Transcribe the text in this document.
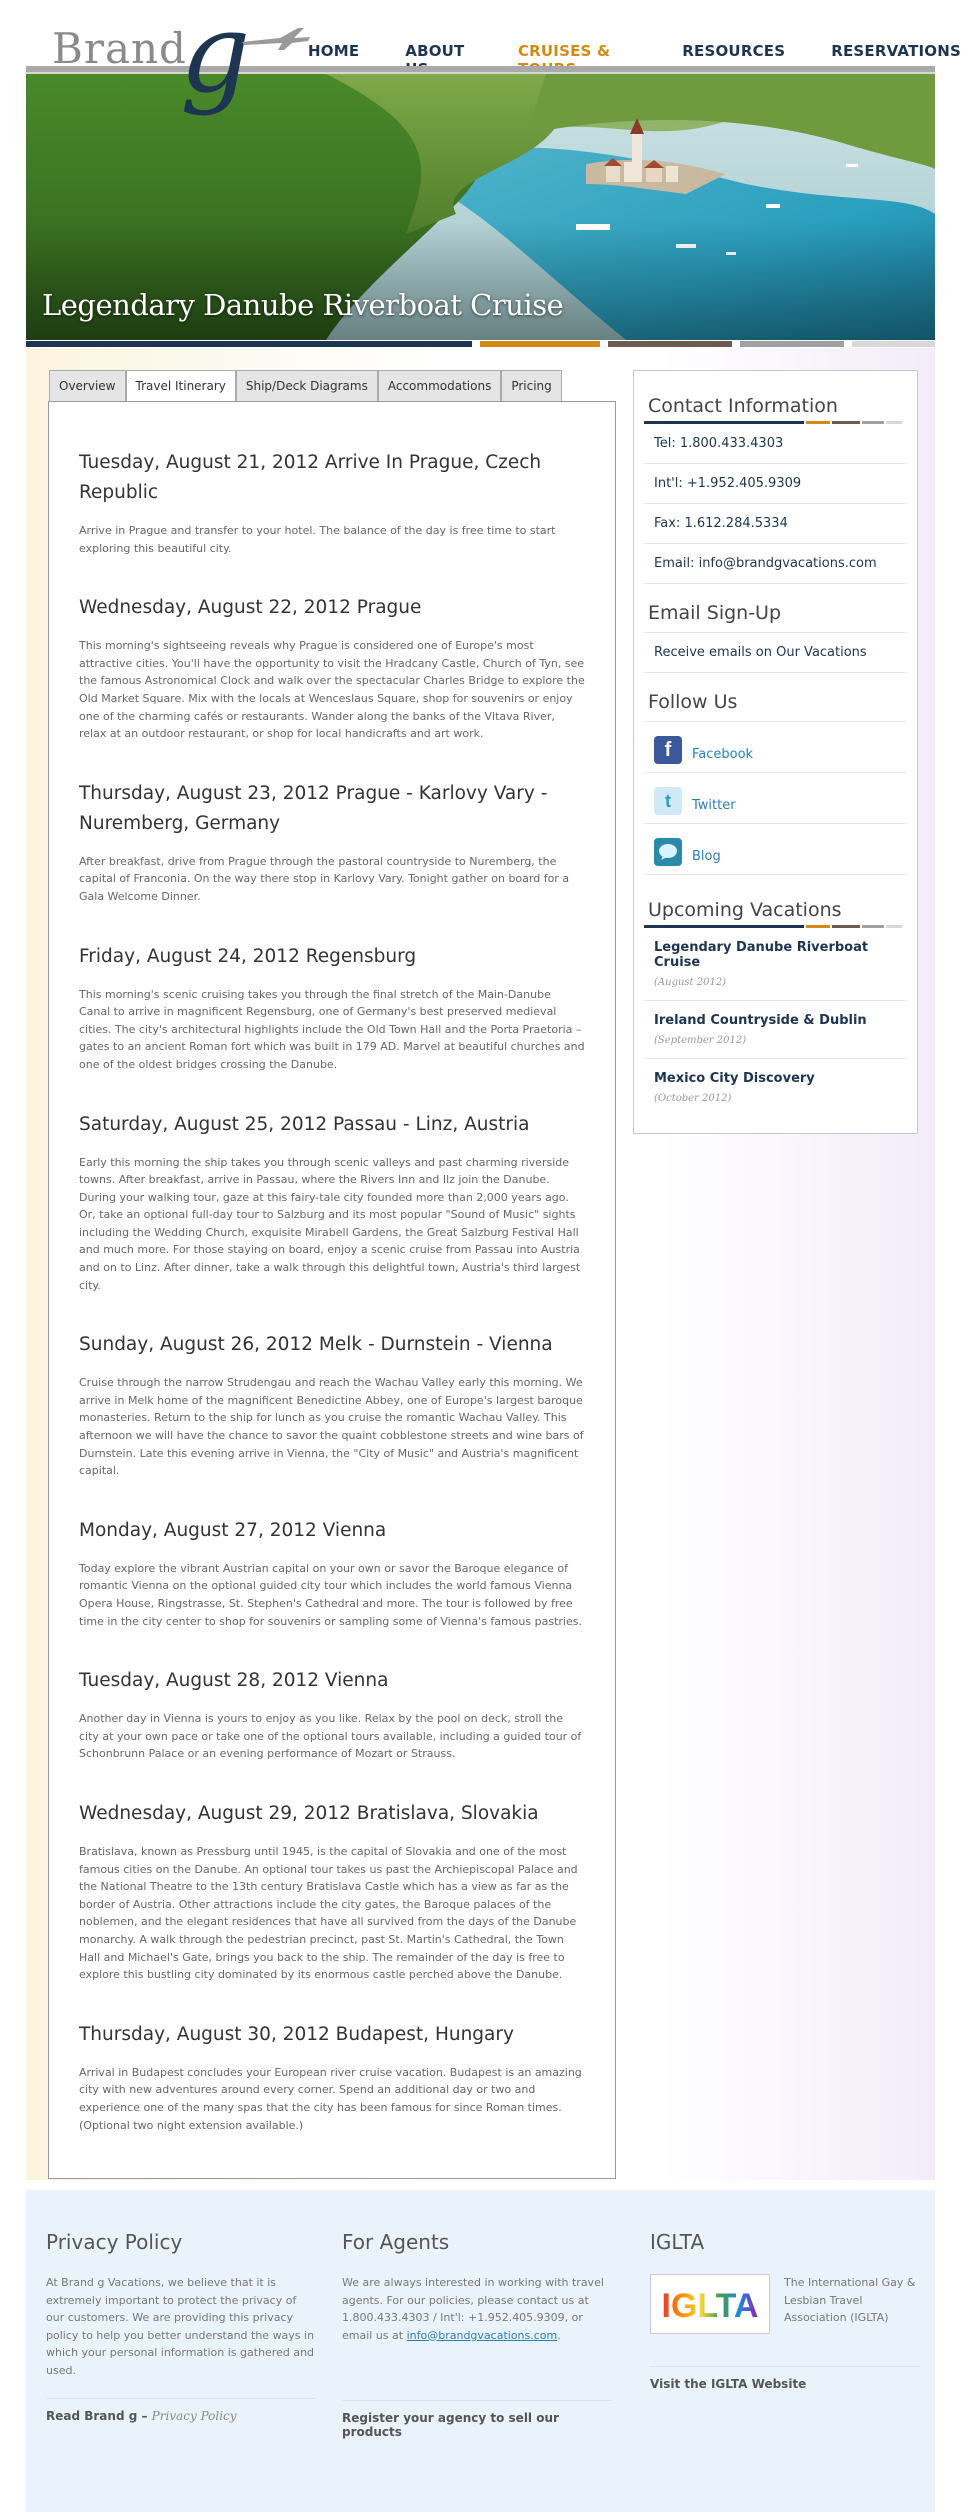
Brand
g	HOME	ABOUT	CRUISES &	RESOURCES	RESERVATIONS
Legendary Danube Riverboat Cruise
Overview	Travel Itinerary	Ship/Deck Diagrams	Accommodations	Pricing
Tuesday, August 21, 2012 Arrive In Prague, Czech Republic

Arrive in Prague and transfer to your hotel. The balance of the day is free time to start exploring this beautiful city.

Wednesday, August 22, 2012 Prague

This morning's sightseeing reveals why Prague is considered one of Europe's most attractive cities. You'll have the opportunity to visit the Hradcany Castle, Church of Tyn, see the famous Astronomical Clock and walk over the spectacular Charles Bridge to explore the Old Market Square. Mix with the locals at Wenceslaus Square, shop for souvenirs or enjoy one of the charming cafés or restaurants. Wander along the banks of the Vltava River, relax at an outdoor restaurant, or shop for local handicrafts and art work.

Thursday, August 23, 2012 Prague - Karlovy Vary - Nuremberg, Germany

After breakfast, drive from Prague through the pastoral countryside to Nuremberg, the capital of Franconia. On the way there stop in Karlovy Vary. Tonight gather on board for a Gala Welcome Dinner.

Friday, August 24, 2012 Regensburg

This morning's scenic cruising takes you through the final stretch of the Main-Danube Canal to arrive in magnificent Regensburg, one of Germany's best preserved medieval cities. The city's architectural highlights include the Old Town Hall and the Porta Praetoria – gates to an ancient Roman fort which was built in 179 AD. Marvel at beautiful churches and one of the oldest bridges crossing the Danube.

Saturday, August 25, 2012 Passau - Linz, Austria

Early this morning the ship takes you through scenic valleys and past charming riverside towns. After breakfast, arrive in Passau, where the Rivers Inn and Ilz join the Danube. During your walking tour, gaze at this fairy-tale city founded more than 2,000 years ago. Or, take an optional full-day tour to Salzburg and its most popular "Sound of Music" sights including the Wedding Church, exquisite Mirabell Gardens, the Great Salzburg Festival Hall and much more. For those staying on board, enjoy a scenic cruise from Passau into Austria and on to Linz. After dinner, take a walk through this delightful town, Austria's third largest city.

Sunday, August 26, 2012 Melk - Durnstein - Vienna

Cruise through the narrow Strudengau and reach the Wachau Valley early this morning. We arrive in Melk home of the magnificent Benedictine Abbey, one of Europe's largest baroque monasteries. Return to the ship for lunch as you cruise the romantic Wachau Valley. This afternoon we will have the chance to savor the quaint cobblestone streets and wine bars of Durnstein. Late this evening arrive in Vienna, the "City of Music" and Austria's magnificent capital.

Monday, August 27, 2012 Vienna

Today explore the vibrant Austrian capital on your own or savor the Baroque elegance of romantic Vienna on the optional guided city tour which includes the world famous Vienna Opera House, Ringstrasse, St. Stephen's Cathedral and more. The tour is followed by free time in the city center to shop for souvenirs or sampling some of Vienna's famous pastries.

Tuesday, August 28, 2012 Vienna

Another day in Vienna is yours to enjoy as you like. Relax by the pool on deck, stroll the city at your own pace or take one of the optional tours available, including a guided tour of Schonbrunn Palace or an evening performance of Mozart or Strauss.

Wednesday, August 29, 2012 Bratislava, Slovakia

Bratislava, known as Pressburg until 1945, is the capital of Slovakia and one of the most famous cities on the Danube. An optional tour takes us past the Archiepiscopal Palace and the National Theatre to the 13th century Bratislava Castle which has a view as far as the border of Austria. Other attractions include the city gates, the Baroque palaces of the noblemen, and the elegant residences that have all survived from the days of the Danube monarchy. A walk through the pedestrian precinct, past St. Martin's Cathedral, the Town Hall and Michael's Gate, brings you back to the ship. The remainder of the day is free to explore this bustling city dominated by its enormous castle perched above the Danube.

Thursday, August 30, 2012 Budapest, Hungary

Arrival in Budapest concludes your European river cruise vacation. Budapest is an amazing city with new adventures around every corner. Spend an additional day or two and experience one of the many spas that the city has been famous for since Roman times. (Optional two night extension available.)

Contact Information
Tel: 1.800.433.4303
Int'l: +1.952.405.9309
Fax: 1.612.284.5334
Email: info@brandgvacations.com
Email Sign-Up
Receive emails on Our Vacations
Follow Us
f	Facebook
t	Twitter
Blog
Upcoming Vacations
Legendary Danube Riverboat Cruise
(August 2012)
Ireland Countryside & Dublin
(September 2012)
Mexico City Discovery
(October 2012)
Privacy Policy

At Brand g Vacations, we believe that it is extremely important to protect the privacy of our customers. We are providing this privacy policy to help you better understand the ways in which your personal information is gathered and used.

Read Brand g – Privacy Policy
For Agents

We are always interested in working with travel agents. For our policies, please contact us at 1.800.433.4303 / Int'l: +1.952.405.9309, or email us at info@brandgvacations.com.

Register your agency to sell our products
IGLTA
IGLTA

The International Gay & Lesbian Travel Association (IGLTA)

Visit the IGLTA Website
